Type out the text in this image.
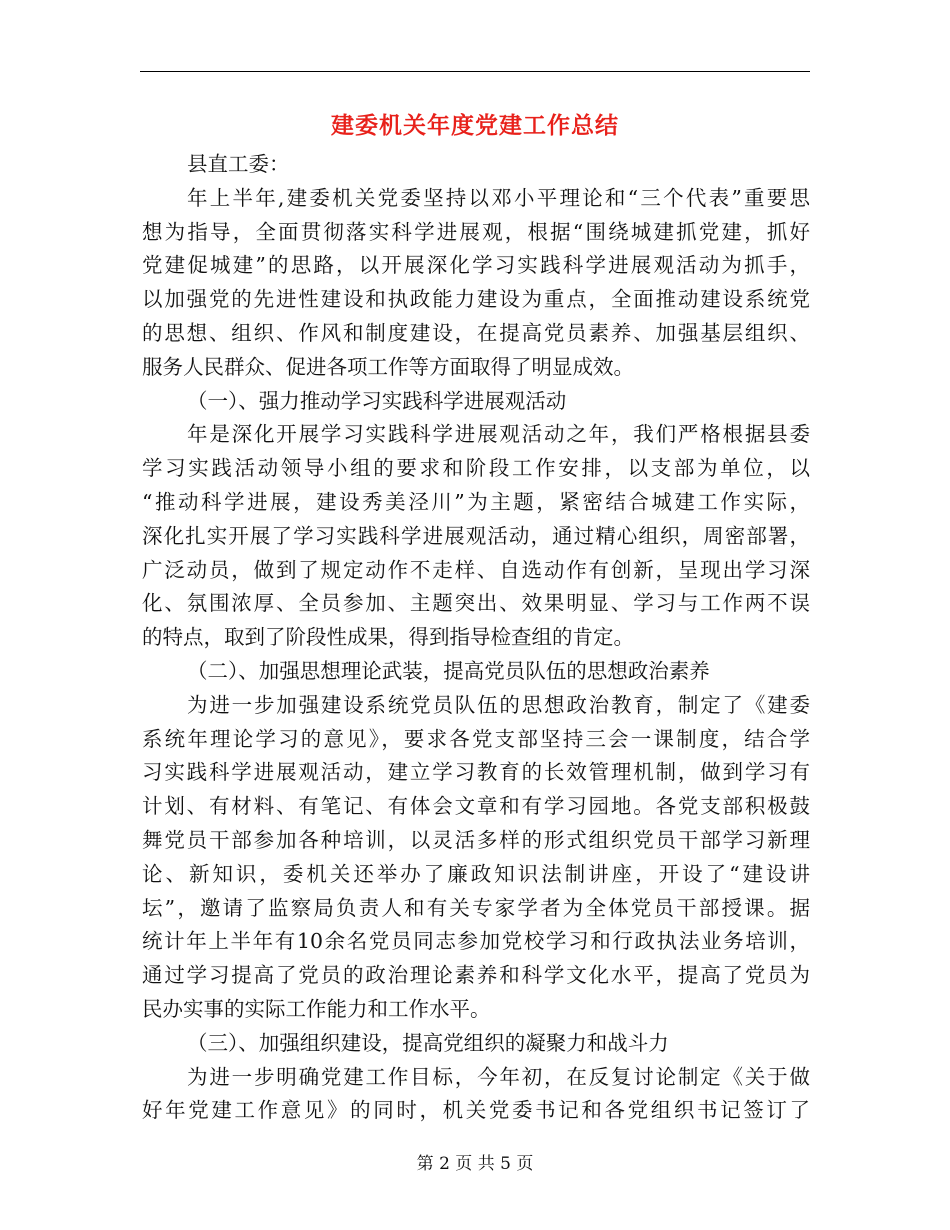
建委机关年度党建工作总结
县直工委：
年上半年,建委机关党委坚持以邓小平理论和“三个代表”重要思
想为指导，全面贯彻落实科学进展观，根据“围绕城建抓党建，抓好
党建促城建”的思路，以开展深化学习实践科学进展观活动为抓手，
以加强党的先进性建设和执政能力建设为重点，全面推动建设系统党
的思想、组织、作风和制度建设，在提高党员素养、加强基层组织、
服务人民群众、促进各项工作等方面取得了明显成效。
（一）、强力推动学习实践科学进展观活动
年是深化开展学习实践科学进展观活动之年，我们严格根据县委
学习实践活动领导小组的要求和阶段工作安排，以支部为单位，以
“推动科学进展，建设秀美泾川”为主题，紧密结合城建工作实际，
深化扎实开展了学习实践科学进展观活动，通过精心组织，周密部署，
广泛动员，做到了规定动作不走样、自选动作有创新，呈现出学习深
化、氛围浓厚、全员参加、主题突出、效果明显、学习与工作两不误
的特点，取到了阶段性成果，得到指导检查组的肯定。
（二）、加强思想理论武装，提高党员队伍的思想政治素养
为进一步加强建设系统党员队伍的思想政治教育，制定了《建委
系统年理论学习的意见》，要求各党支部坚持三会一课制度，结合学
习实践科学进展观活动，建立学习教育的长效管理机制，做到学习有
计划、有材料、有笔记、有体会文章和有学习园地。各党支部积极鼓
舞党员干部参加各种培训，以灵活多样的形式组织党员干部学习新理
论、新知识，委机关还举办了廉政知识法制讲座，开设了“建设讲
坛”，邀请了监察局负责人和有关专家学者为全体党员干部授课。据
统计年上半年有10余名党员同志参加党校学习和行政执法业务培训，
通过学习提高了党员的政治理论素养和科学文化水平，提高了党员为
民办实事的实际工作能力和工作水平。
（三）、加强组织建设，提高党组织的凝聚力和战斗力
为进一步明确党建工作目标，今年初，在反复讨论制定《关于做
好年党建工作意见》的同时，机关党委书记和各党组织书记签订了
第 2 页 共 5 页
